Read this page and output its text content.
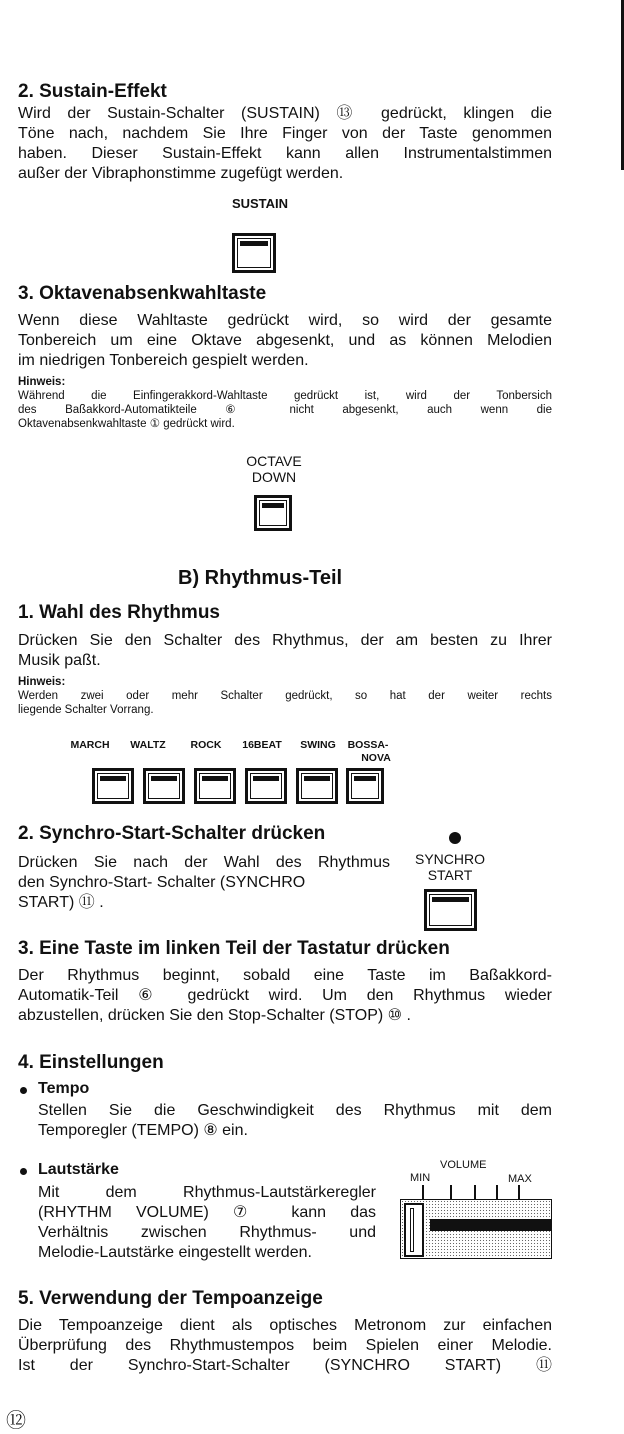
2. Sustain-Effekt
Wird der Sustain-Schalter (SUSTAIN) ⑬ gedrückt, klingen die
Töne nach, nachdem Sie Ihre Finger von der Taste genommen
haben. Dieser Sustain-Effekt kann allen Instrumentalstimmen
außer der Vibraphonstimme zugefügt werden.
SUSTAIN
3. Oktavenabsenkwahltaste
Wenn diese Wahltaste gedrückt wird, so wird der gesamte
Tonbereich um eine Oktave abgesenkt, und as können Melodien
im niedrigen Tonbereich gespielt werden.
Hinweis:
Während die Einfingerakkord-Wahltaste gedrückt ist, wird der Tonbersich
des Baßakkord-Automatikteile ⑥ nicht abgesenkt, auch wenn die
Oktavenabsenkwahltaste ① gedrückt wird.
OCTAVE
DOWN
B) Rhythmus-Teil
1. Wahl des Rhythmus
Drücken Sie den Schalter des Rhythmus, der am besten zu Ihrer
Musik paßt.
Hinweis:
Werden zwei oder mehr Schalter gedrückt, so hat der weiter rechts
liegende Schalter Vorrang.
MARCH	WALTZ	ROCK	16BEAT	SWING	BOSSA-
NOVA
2. Synchro-Start-Schalter drücken
Drücken Sie nach der Wahl des Rhythmus
den Synchro-Start- Schalter (SYNCHRO
START) ⑪ .
SYNCHRO
START
3. Eine Taste im linken Teil der Tastatur drücken
Der Rhythmus beginnt, sobald eine Taste im Baßakkord-
Automatik-Teil ⑥ gedrückt wird. Um den Rhythmus wieder
abzustellen, drücken Sie den Stop-Schalter (STOP) ⑩ .
4. Einstellungen
Tempo
Stellen Sie die Geschwindigkeit des Rhythmus mit dem
Temporegler (TEMPO) ⑧ ein.
Lautstärke
Mit dem Rhythmus-Lautstärkeregler
(RHYTHM VOLUME) ⑦ kann das
Verhältnis zwischen Rhythmus- und
Melodie-Lautstärke eingestellt werden.
VOLUME
MIN	MAX
5. Verwendung der Tempoanzeige
Die Tempoanzeige dient als optisches Metronom zur einfachen
Überprüfung des Rhythmustempos beim Spielen einer Melodie.
Ist der Synchro-Start-Schalter (SYNCHRO START) ⑪
⑫
